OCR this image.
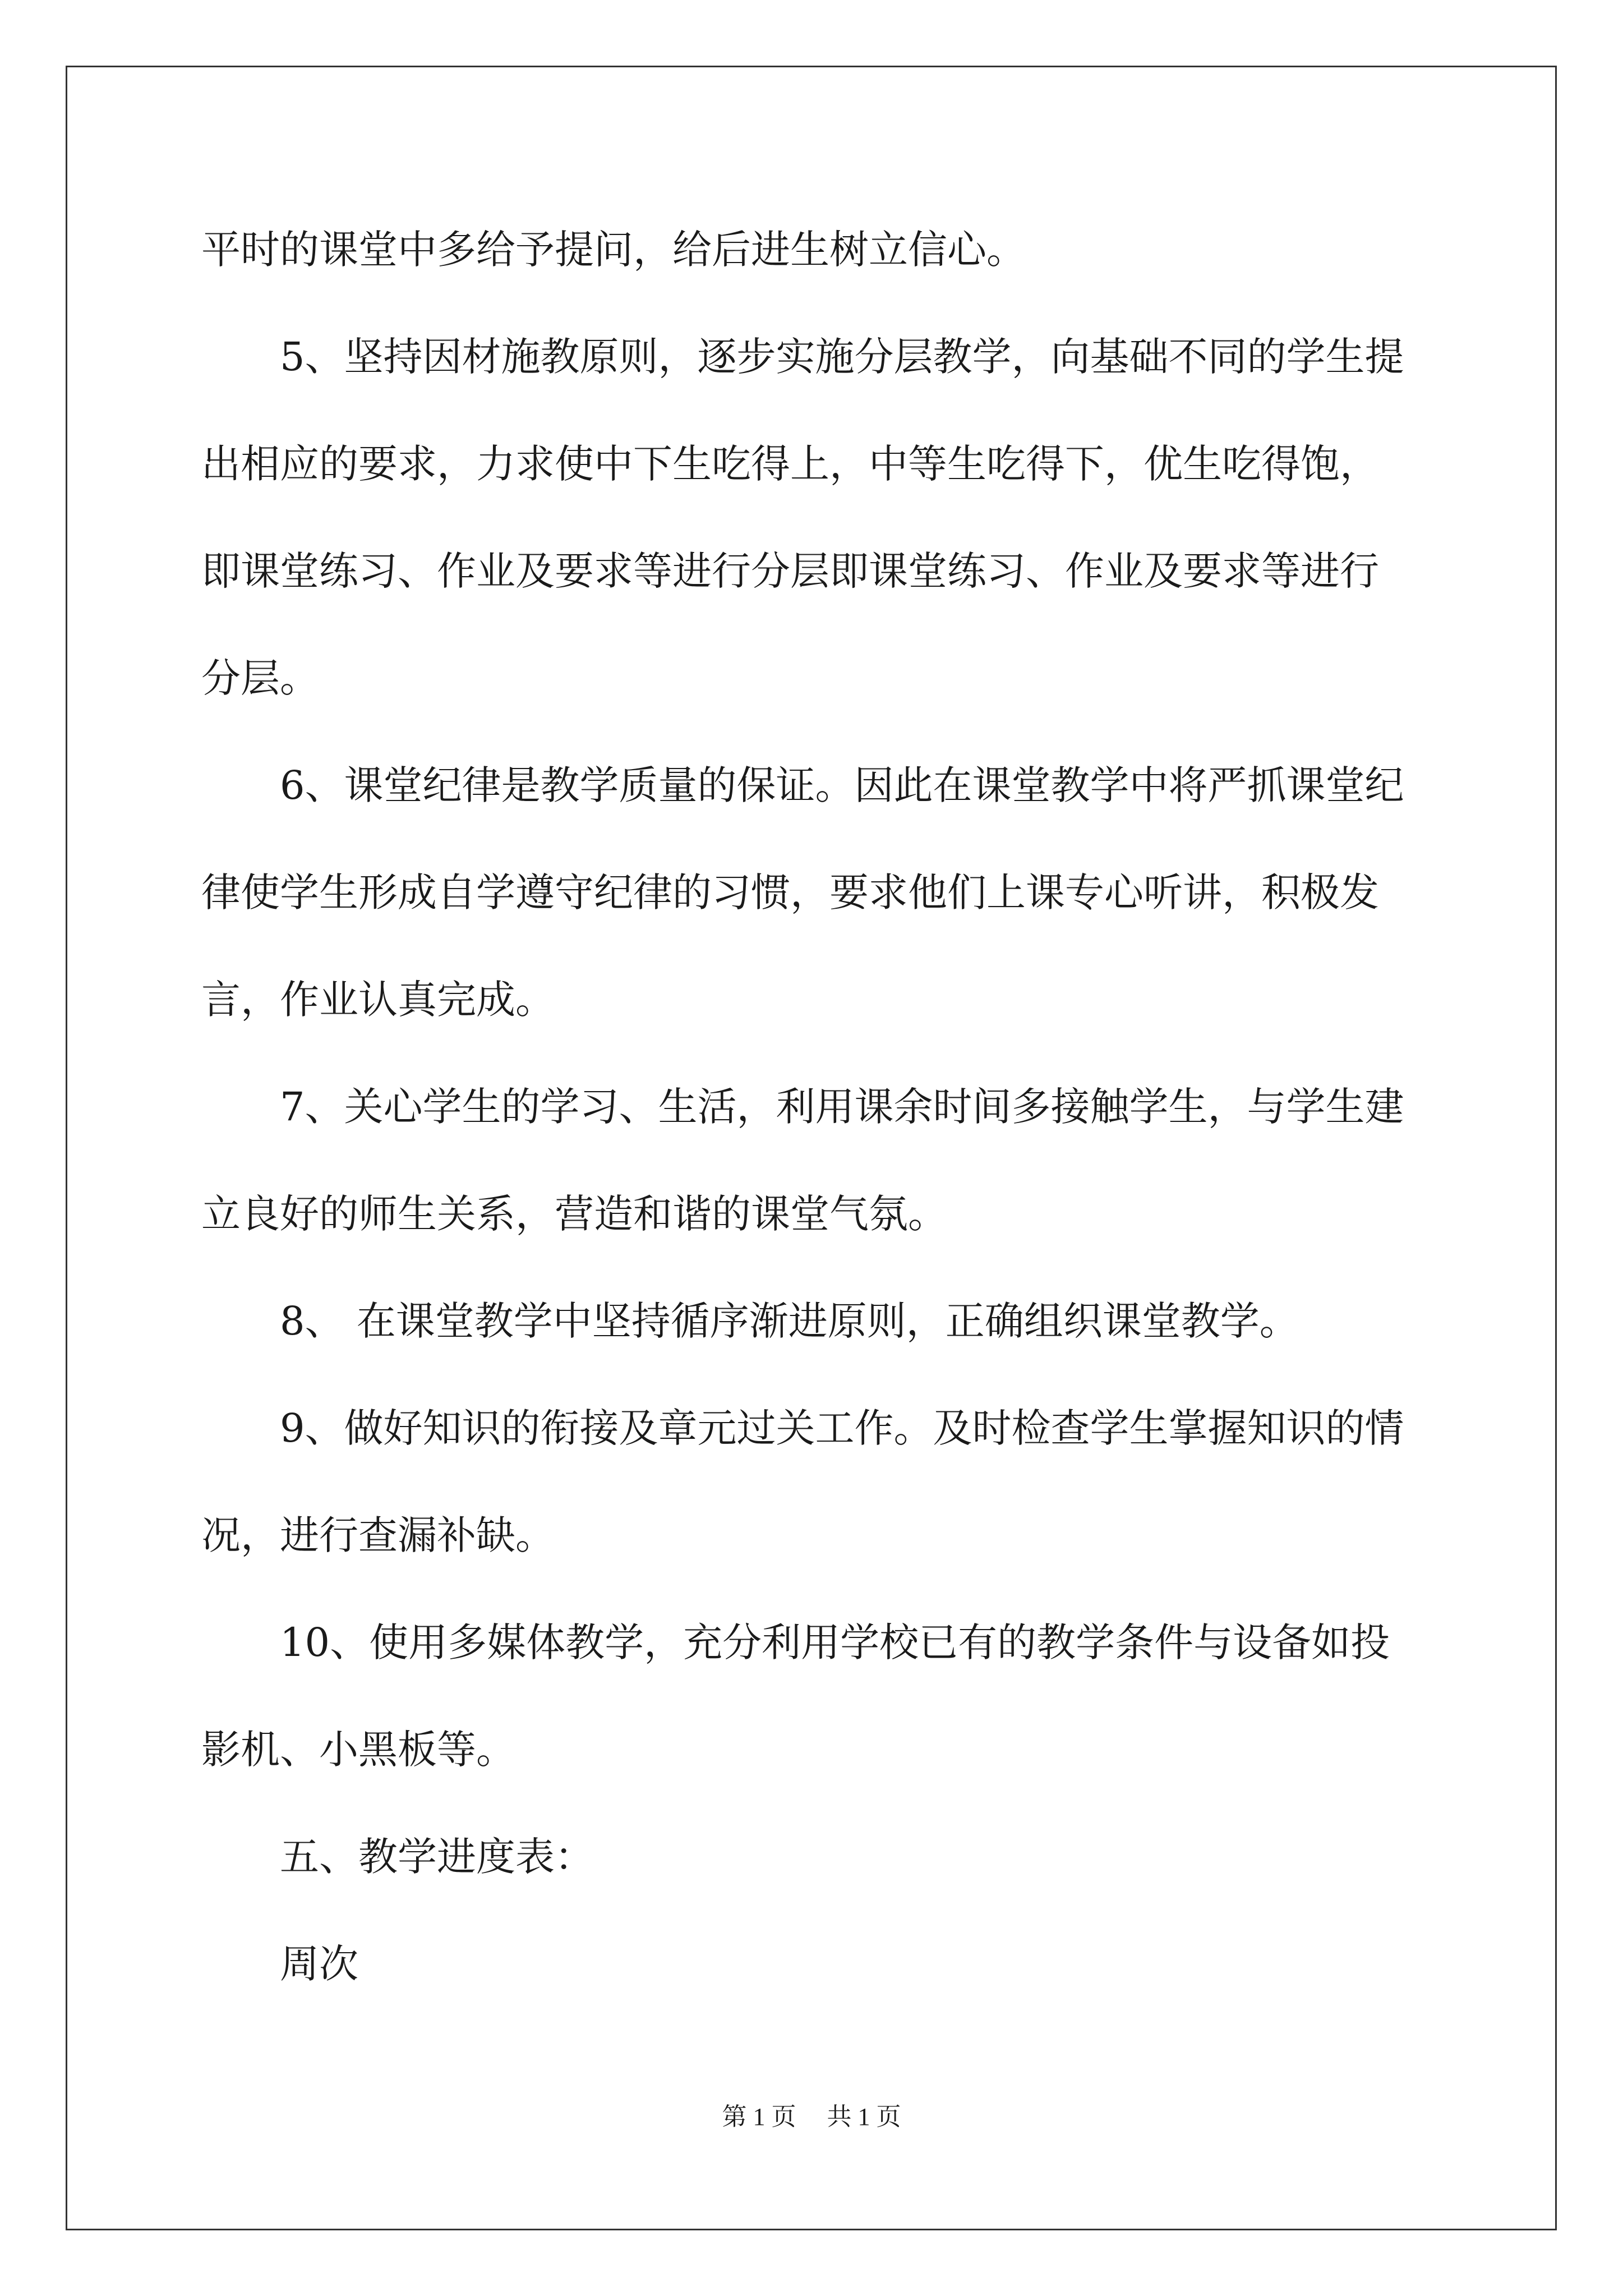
平时的课堂中多给予提问，给后进生树立信心。
5、坚持因材施教原则，逐步实施分层教学，向基础不同的学生提
出相应的要求，力求使中下生吃得上，中等生吃得下，优生吃得饱，
即课堂练习、作业及要求等进行分层即课堂练习、作业及要求等进行
分层。
6、课堂纪律是教学质量的保证。因此在课堂教学中将严抓课堂纪
律使学生形成自学遵守纪律的习惯，要求他们上课专心听讲，积极发
言，作业认真完成。
7、关心学生的学习、生活，利用课余时间多接触学生，与学生建
立良好的师生关系，营造和谐的课堂气氛。
8、 在课堂教学中坚持循序渐进原则，正确组织课堂教学。
9、做好知识的衔接及章元过关工作。及时检查学生掌握知识的情
况，进行查漏补缺。
10、使用多媒体教学，充分利用学校已有的教学条件与设备如投
影机、小黑板等。
五、教学进度表：
周次
第 1 页　 共 1 页
